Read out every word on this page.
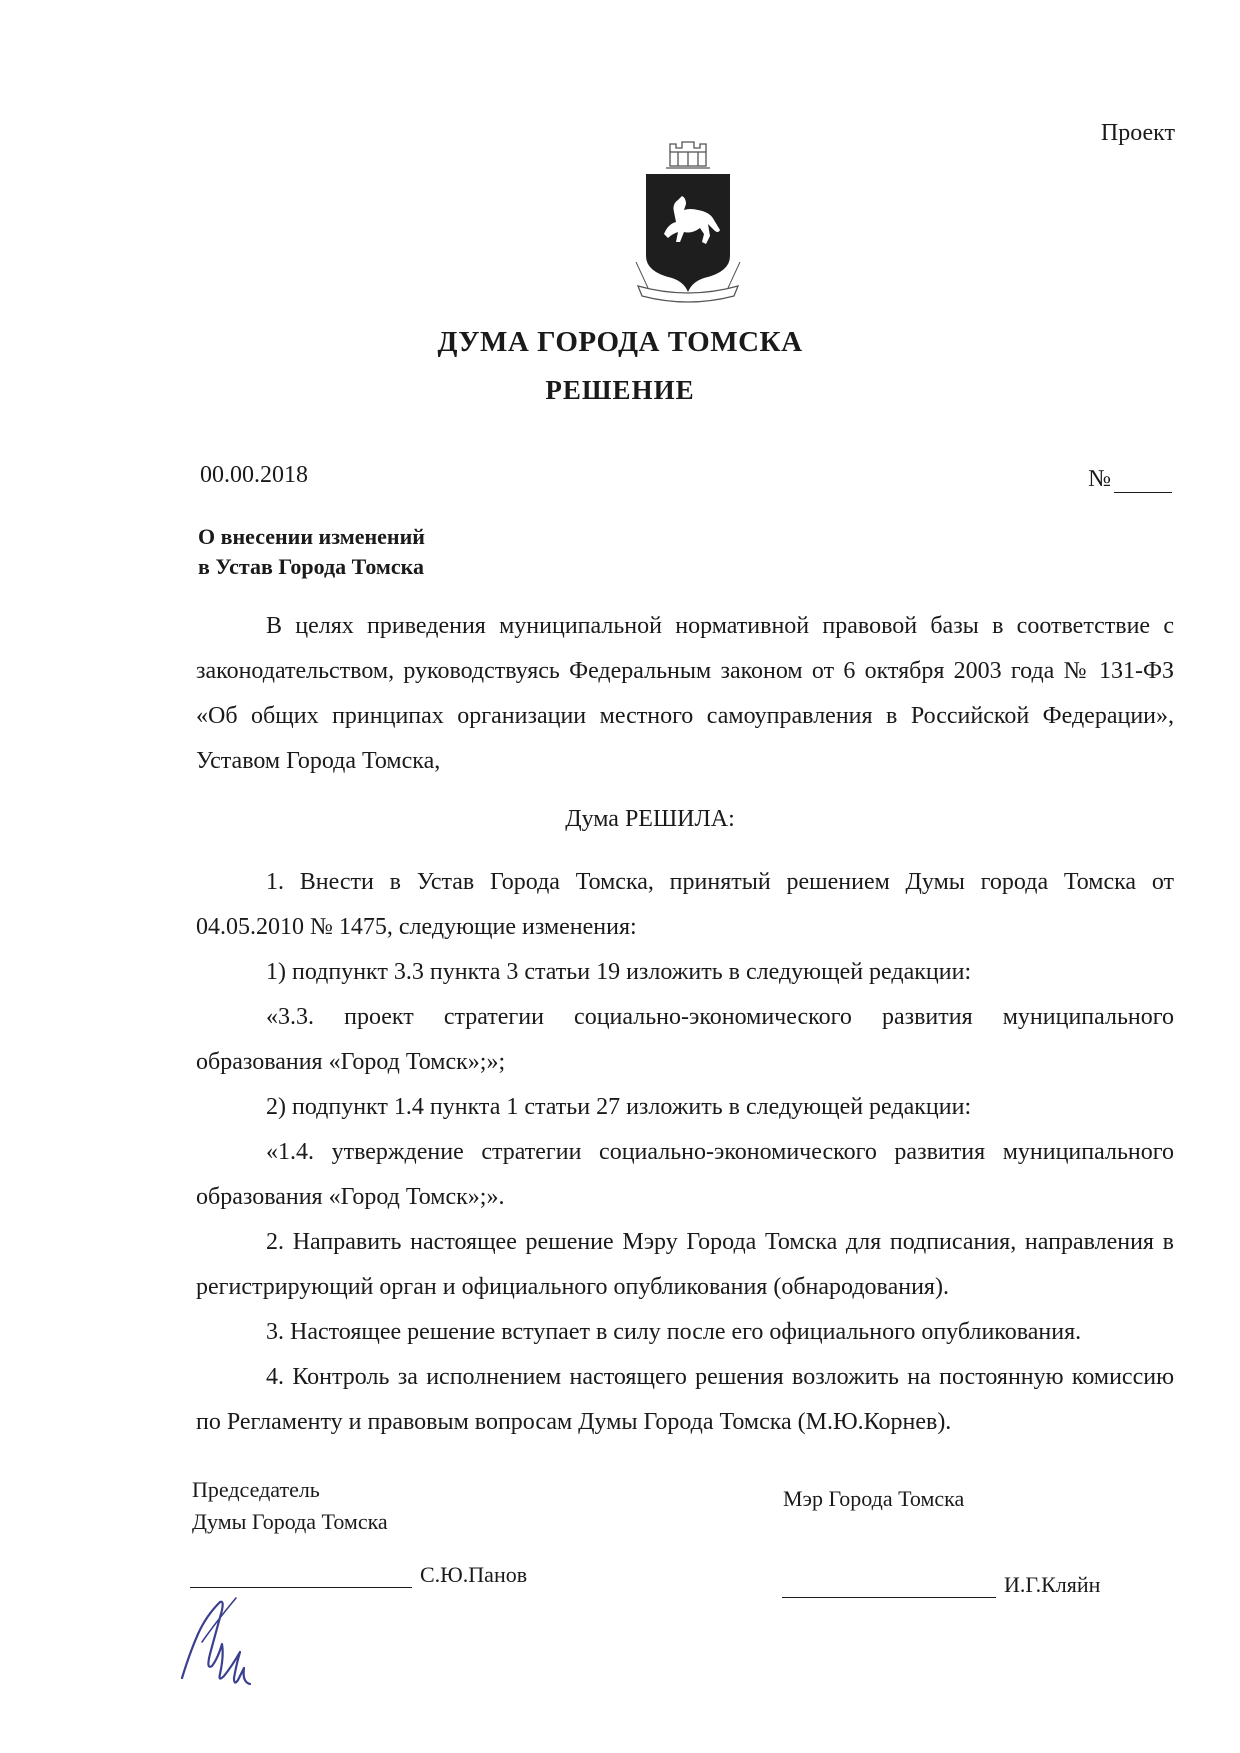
Проект
ДУМА ГОРОДА ТОМСКА
РЕШЕНИЕ
00.00.2018	№
О внесении изменений
в Устав Города Томска

В целях приведения муниципальной нормативной правовой базы в соответствие с законодательством, руководствуясь Федеральным законом от 6 октября 2003 года № 131-ФЗ «Об общих принципах организации местного самоуправления в Российской Федерации», Уставом Города Томска,

Дума РЕШИЛА:

1. Внести в Устав Города Томска, принятый решением Думы города Томска от 04.05.2010 № 1475, следующие изменения:

1) подпункт 3.3 пункта 3 статьи 19 изложить в следующей редакции:

«3.3. проект стратегии социально-экономического развития муниципального образования «Город Томск»;»;

2) подпункт 1.4 пункта 1 статьи 27 изложить в следующей редакции:

«1.4. утверждение стратегии социально-экономического развития муниципального образования «Город Томск»;».

2. Направить настоящее решение Мэру Города Томска для подписания, направления в регистрирующий орган и официального опубликования (обнародования).

3. Настоящее решение вступает в силу после его официального опубликования.

4. Контроль за исполнением настоящего решения возложить на постоянную комиссию по Регламенту и правовым вопросам Думы Города Томска (М.Ю.Корнев).

Председатель
Думы Города Томска
Мэр Города Томска
С.Ю.Панов	И.Г.Кляйн
